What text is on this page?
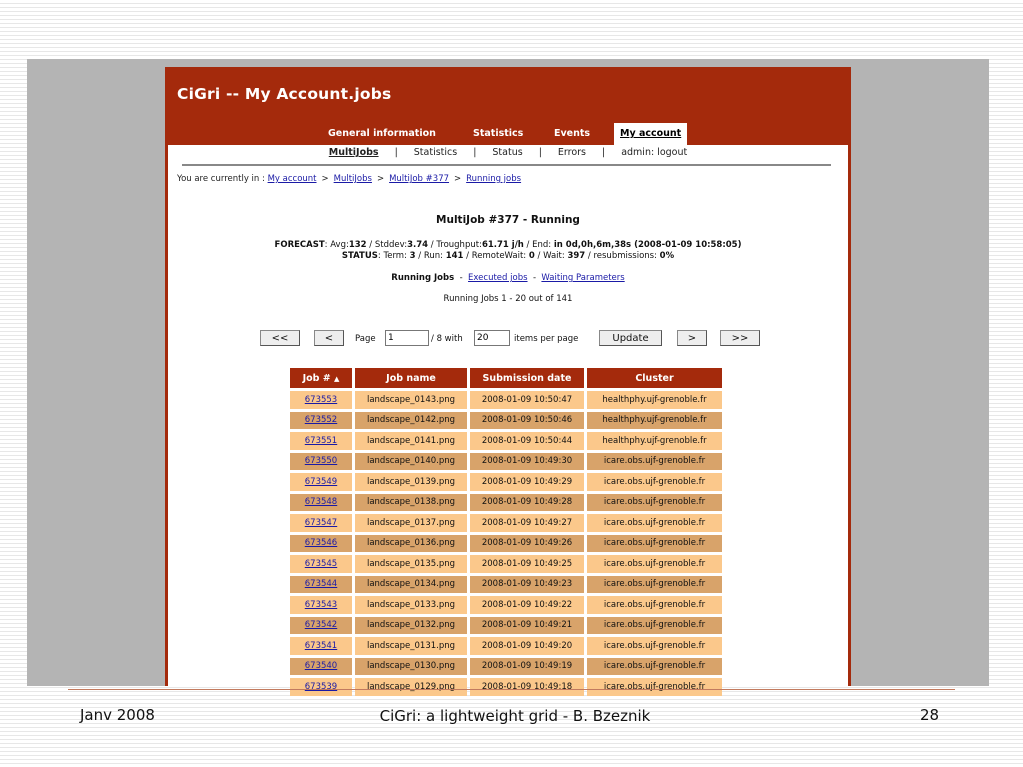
CiGri -- My Account.jobs
General information	Statistics	Events	My account
MultiJobs | Statistics | Status | Errors | admin: logout
You are currently in : My account > MultiJobs > MultiJob #377 > Running jobs
MultiJob #377 - Running
FORECAST: Avg:132 / Stddev:3.74 / Troughput:61.71 j/h / End: in 0d,0h,6m,38s (2008-01-09 10:58:05)
STATUS: Term: 3 / Run: 141 / RemoteWait: 0 / Wait: 397 / resubmissions: 0%
Running Jobs - Executed jobs - Waiting Parameters
Running Jobs 1 - 20 out of 141
<<	<	Page
1	/ 8 with
20	items per page	Update	>	>>
Job # ▲	Job name	Submission date	Cluster
673553	landscape_0143.png	2008-01-09 10:50:47	healthphy.ujf-grenoble.fr
673552	landscape_0142.png	2008-01-09 10:50:46	healthphy.ujf-grenoble.fr
673551	landscape_0141.png	2008-01-09 10:50:44	healthphy.ujf-grenoble.fr
673550	landscape_0140.png	2008-01-09 10:49:30	icare.obs.ujf-grenoble.fr
673549	landscape_0139.png	2008-01-09 10:49:29	icare.obs.ujf-grenoble.fr
673548	landscape_0138.png	2008-01-09 10:49:28	icare.obs.ujf-grenoble.fr
673547	landscape_0137.png	2008-01-09 10:49:27	icare.obs.ujf-grenoble.fr
673546	landscape_0136.png	2008-01-09 10:49:26	icare.obs.ujf-grenoble.fr
673545	landscape_0135.png	2008-01-09 10:49:25	icare.obs.ujf-grenoble.fr
673544	landscape_0134.png	2008-01-09 10:49:23	icare.obs.ujf-grenoble.fr
673543	landscape_0133.png	2008-01-09 10:49:22	icare.obs.ujf-grenoble.fr
673542	landscape_0132.png	2008-01-09 10:49:21	icare.obs.ujf-grenoble.fr
673541	landscape_0131.png	2008-01-09 10:49:20	icare.obs.ujf-grenoble.fr
673540	landscape_0130.png	2008-01-09 10:49:19	icare.obs.ujf-grenoble.fr
673539	landscape_0129.png	2008-01-09 10:49:18	icare.obs.ujf-grenoble.fr
Janv 2008	CiGri: a lightweight grid - B. Bzeznik	28
